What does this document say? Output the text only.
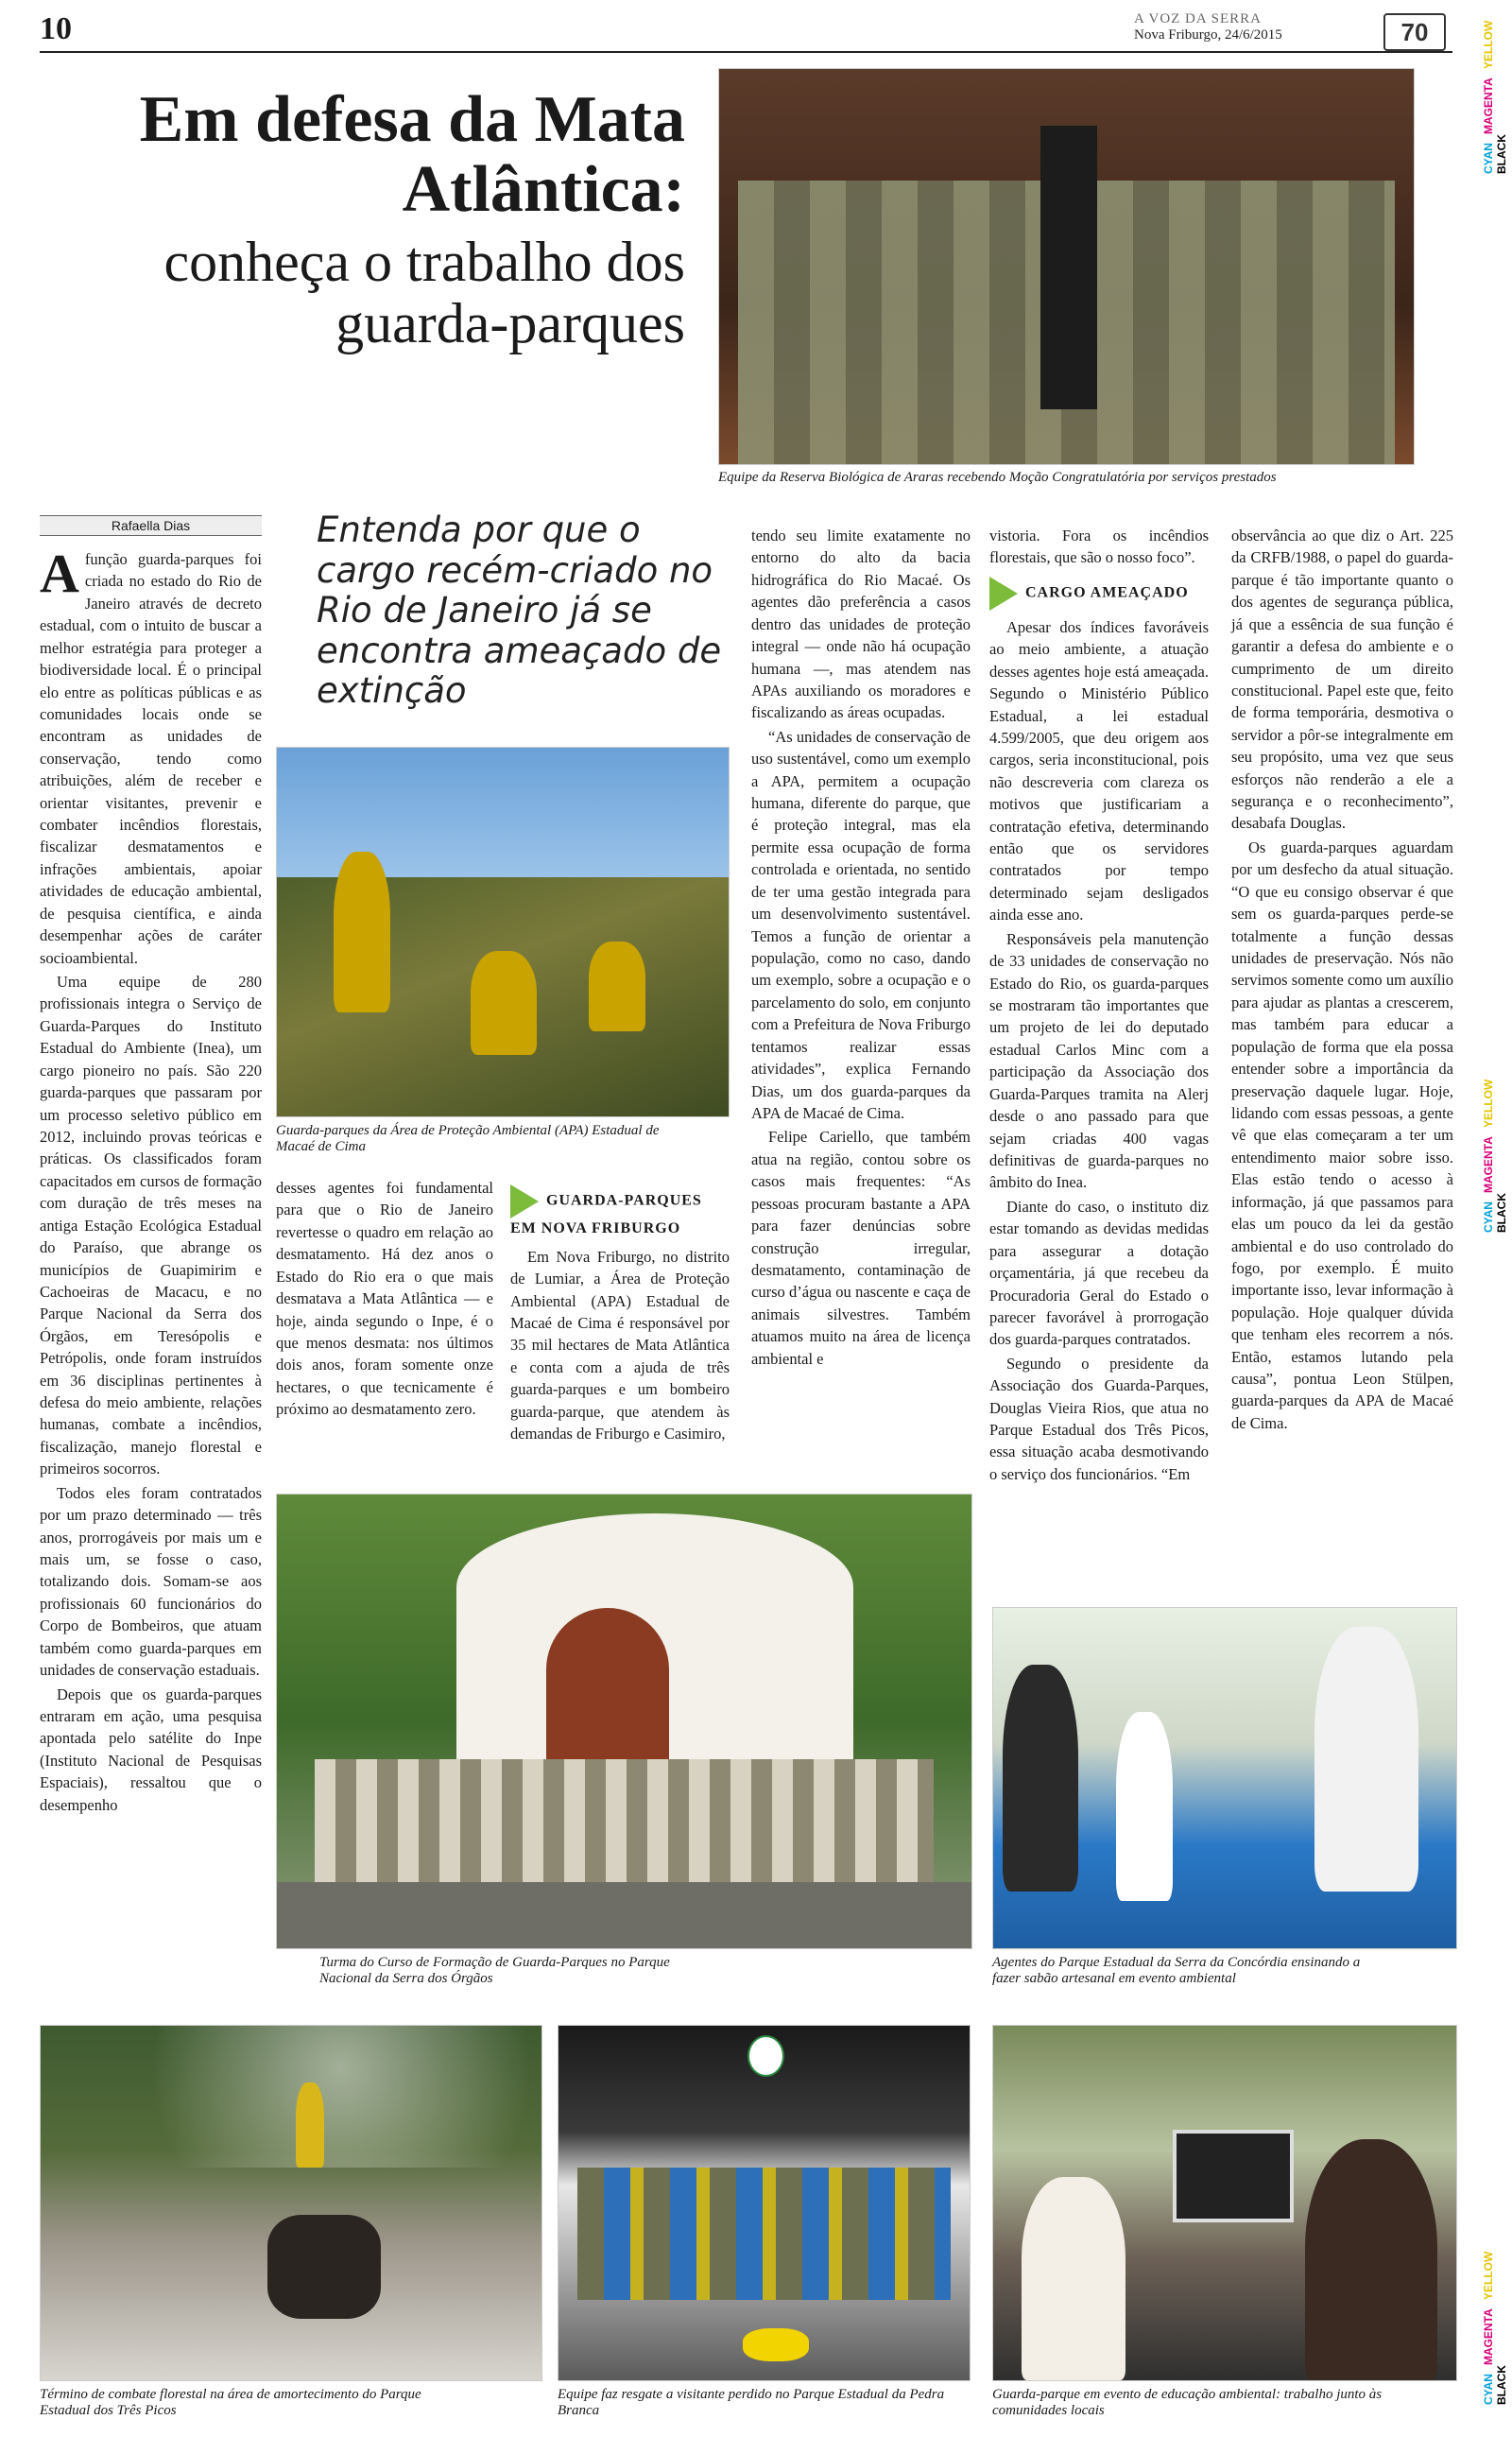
10	A VOZ DA SERRA
Nova Friburgo, 24/6/2015	70
CYAN MAGENTA YELLOW BLACK
CYAN MAGENTA YELLOW BLACK
CYAN MAGENTA YELLOW BLACK
Em defesa da Mata Atlântica:
conheça o trabalho dos guarda-parques
Equipe da Reserva Biológica de Araras recebendo Moção Congratulatória por serviços prestados
Rafaella Dias

Afunção guarda-parques foi criada no estado do Rio de Janeiro através de decreto estadual, com o intuito de buscar a melhor estratégia para proteger a biodiversidade local. É o principal elo entre as políticas públicas e as comunidades locais onde se encontram as unidades de conservação, tendo como atribuições, além de receber e orientar visitantes, prevenir e combater incêndios florestais, fiscalizar desmatamentos e infrações ambientais, apoiar atividades de educação ambiental, de pesquisa científica, e ainda desempenhar ações de caráter socioambiental.

Uma equipe de 280 profissionais integra o Serviço de Guarda-Parques do Instituto Estadual do Ambiente (Inea), um cargo pioneiro no país. São 220 guarda-parques que passaram por um processo seletivo público em 2012, incluindo provas teóricas e práticas. Os classificados foram capacitados em cursos de formação com duração de três meses na antiga Estação Ecológica Estadual do Paraíso, que abrange os municípios de Guapimirim e Cachoeiras de Macacu, e no Parque Nacional da Serra dos Órgãos, em Teresópolis e Petrópolis, onde foram instruídos em 36 disciplinas pertinentes à defesa do meio ambiente, relações humanas, combate a incêndios, fiscalização, manejo florestal e primeiros socorros.

Todos eles foram contratados por um prazo determinado — três anos, prorrogáveis por mais um e mais um, se fosse o caso, totalizando dois. Somam-se aos profissionais 60 funcionários do Corpo de Bombeiros, que atuam também como guarda-parques em unidades de conservação estaduais.

Depois que os guarda-parques entraram em ação, uma pesquisa apontada pelo satélite do Inpe (Instituto Nacional de Pesquisas Espaciais), ressaltou que o desempenho

Entenda por que o cargo recém-criado no Rio de Janeiro já se encontra ameaçado de extinção
Guarda-parques da Área de Proteção Ambiental (APA) Estadual de Macaé de Cima

desses agentes foi fundamental para que o Rio de Janeiro revertesse o quadro em relação ao desmatamento. Há dez anos o Estado do Rio era o que mais desmatava a Mata Atlântica — e hoje, ainda segundo o Inpe, é o que menos desmata: nos últimos dois anos, foram somente onze hectares, o que tecnicamente é próximo ao desmatamento zero.

GUARDA-PARQUES EM NOVA FRIBURGO

Em Nova Friburgo, no distrito de Lumiar, a Área de Proteção Ambiental (APA) Estadual de Macaé de Cima é responsável por 35 mil hectares de Mata Atlântica e conta com a ajuda de três guarda-parques e um bombeiro guarda-parque, que atendem às demandas de Friburgo e Casimiro,

tendo seu limite exatamente no entorno do alto da bacia hidrográfica do Rio Macaé. Os agentes dão preferência a casos dentro das unidades de proteção integral — onde não há ocupação humana —, mas atendem nas APAs auxiliando os moradores e fiscalizando as áreas ocupadas.

“As unidades de conservação de uso sustentável, como um exemplo a APA, permitem a ocupação humana, diferente do parque, que é proteção integral, mas ela permite essa ocupação de forma controlada e orientada, no sentido de ter uma gestão integrada para um desenvolvimento sustentável. Temos a função de orientar a população, como no caso, dando um exemplo, sobre a ocupação e o parcelamento do solo, em conjunto com a Prefeitura de Nova Friburgo tentamos realizar essas atividades”, explica Fernando Dias, um dos guarda-parques da APA de Macaé de Cima.

Felipe Cariello, que também atua na região, contou sobre os casos mais frequentes: “As pessoas procuram bastante a APA para fazer denúncias sobre construção irregular, desmatamento, contaminação de curso d’água ou nascente e caça de animais silvestres. Também atuamos muito na área de licença ambiental e

vistoria. Fora os incêndios florestais, que são o nosso foco”.

CARGO AMEAÇADO

Apesar dos índices favoráveis ao meio ambiente, a atuação desses agentes hoje está ameaçada. Segundo o Ministério Público Estadual, a lei estadual 4.599/2005, que deu origem aos cargos, seria inconstitucional, pois não descreveria com clareza os motivos que justificariam a contratação efetiva, determinando então que os servidores contratados por tempo determinado sejam desligados ainda esse ano.

Responsáveis pela manutenção de 33 unidades de conservação no Estado do Rio, os guarda-parques se mostraram tão importantes que um projeto de lei do deputado estadual Carlos Minc com a participação da Associação dos Guarda-Parques tramita na Alerj desde o ano passado para que sejam criadas 400 vagas definitivas de guarda-parques no âmbito do Inea.

Diante do caso, o instituto diz estar tomando as devidas medidas para assegurar a dotação orçamentária, já que recebeu da Procuradoria Geral do Estado o parecer favorável à prorrogação dos guarda-parques contratados.

Segundo o presidente da Associação dos Guarda-Parques, Douglas Vieira Rios, que atua no Parque Estadual dos Três Picos, essa situação acaba desmotivando o serviço dos funcionários. “Em

observância ao que diz o Art. 225 da CRFB/1988, o papel do guarda-parque é tão importante quanto o dos agentes de segurança pública, já que a essência de sua função é garantir a defesa do ambiente e o cumprimento de um direito constitucional. Papel este que, feito de forma temporária, desmotiva o servidor a pôr-se integralmente em seu propósito, uma vez que seus esforços não renderão a ele a segurança e o reconhecimento”, desabafa Douglas.

Os guarda-parques aguardam por um desfecho da atual situação. “O que eu consigo observar é que sem os guarda-parques perde-se totalmente a função dessas unidades de preservação. Nós não servimos somente como um auxílio para ajudar as plantas a crescerem, mas também para educar a população de forma que ela possa entender sobre a importância da preservação daquele lugar. Hoje, lidando com essas pessoas, a gente vê que elas começaram a ter um entendimento maior sobre isso. Elas estão tendo o acesso à informação, já que passamos para elas um pouco da lei da gestão ambiental e do uso controlado do fogo, por exemplo. É muito importante isso, levar informação à população. Hoje qualquer dúvida que tenham eles recorrem a nós. Então, estamos lutando pela causa”, pontua Leon Stülpen, guarda-parques da APA de Macaé de Cima.

Turma do Curso de Formação de Guarda-Parques no Parque Nacional da Serra dos Órgãos
Agentes do Parque Estadual da Serra da Concórdia ensinando a fazer sabão artesanal em evento ambiental
Término de combate florestal na área de amortecimento do Parque Estadual dos Três Picos
Equipe faz resgate a visitante perdido no Parque Estadual da Pedra Branca
Guarda-parque em evento de educação ambiental: trabalho junto às comunidades locais
